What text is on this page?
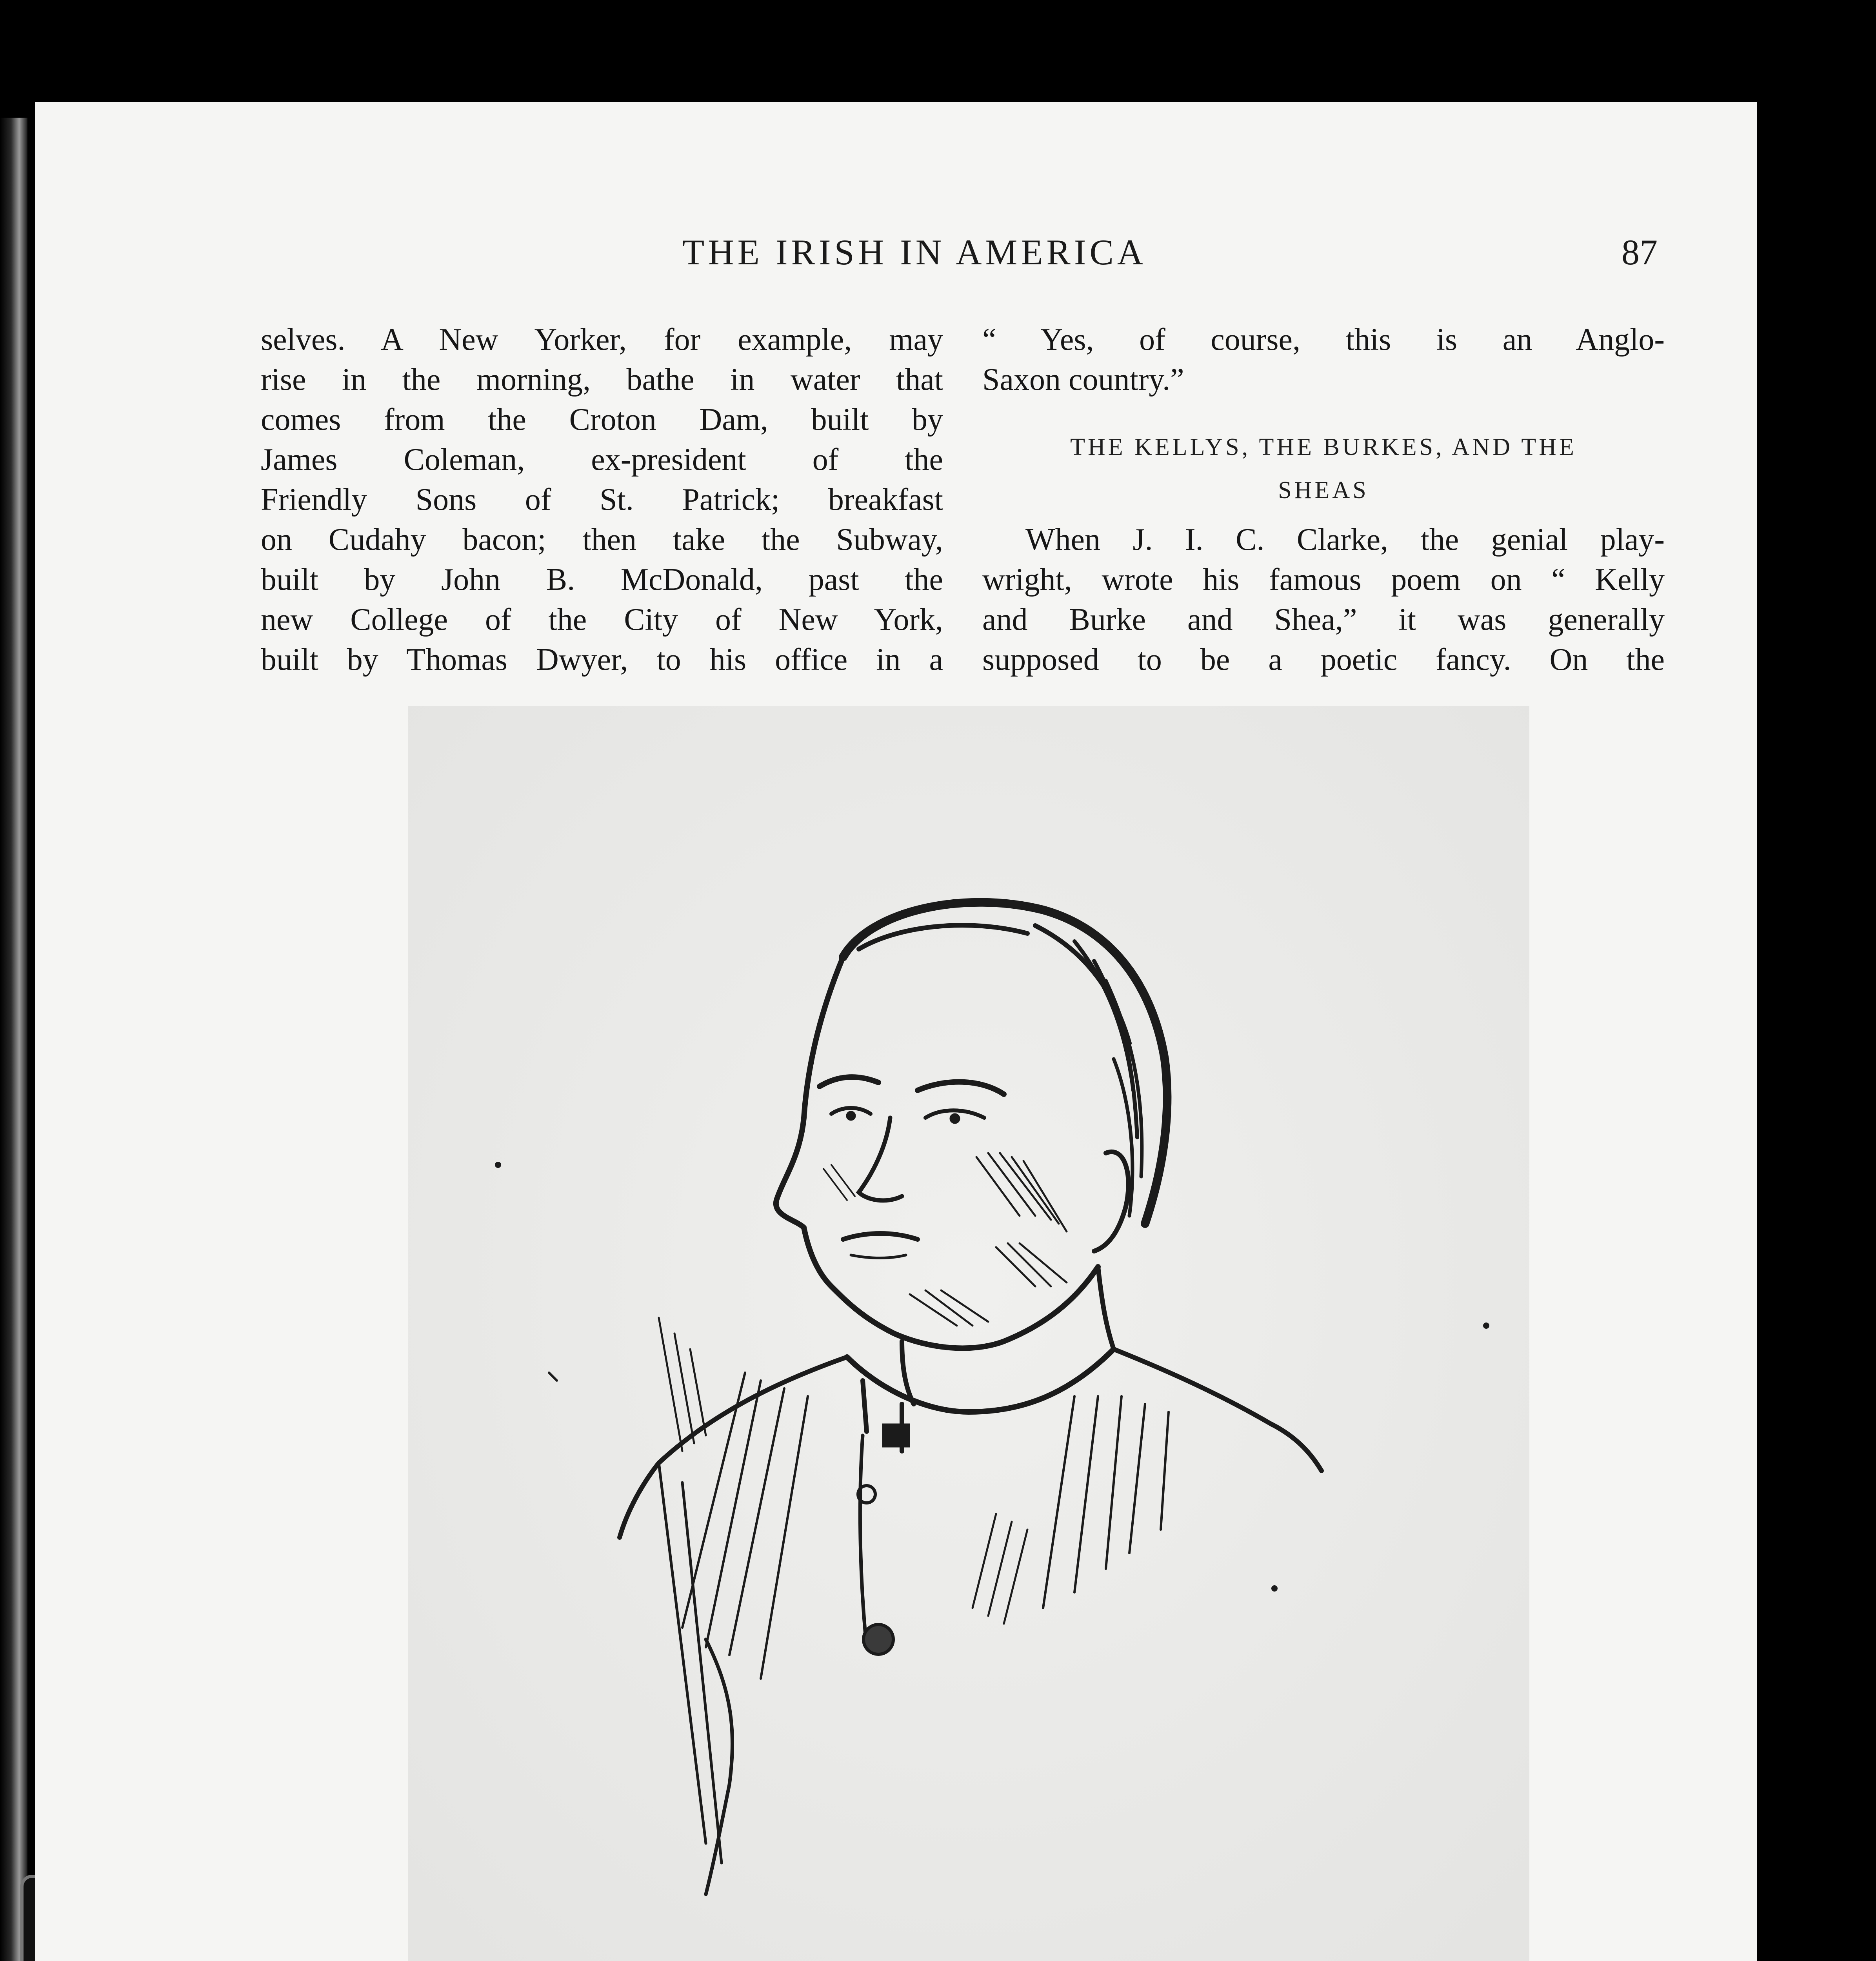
THE IRISH IN AMERICA	87
selves. A New Yorker, for example, may
rise in the morning, bathe in water that
comes from the Croton Dam, built by
James Coleman, ex-president of the
Friendly Sons of St. Patrick; breakfast
on Cudahy bacon; then take the Subway,
built by John B. McDonald, past the
new College of the City of New York,
built by Thomas Dwyer, to his office in a
“ Yes, of course, this is an Anglo-
Saxon country.”
THE KELLYS, THE BURKES, AND THE
SHEAS
When J. I. C. Clarke, the genial play-
wright, wrote his famous poem on “ Kelly
and Burke and Shea,” it was generally
supposed to be a poetic fancy. On the
